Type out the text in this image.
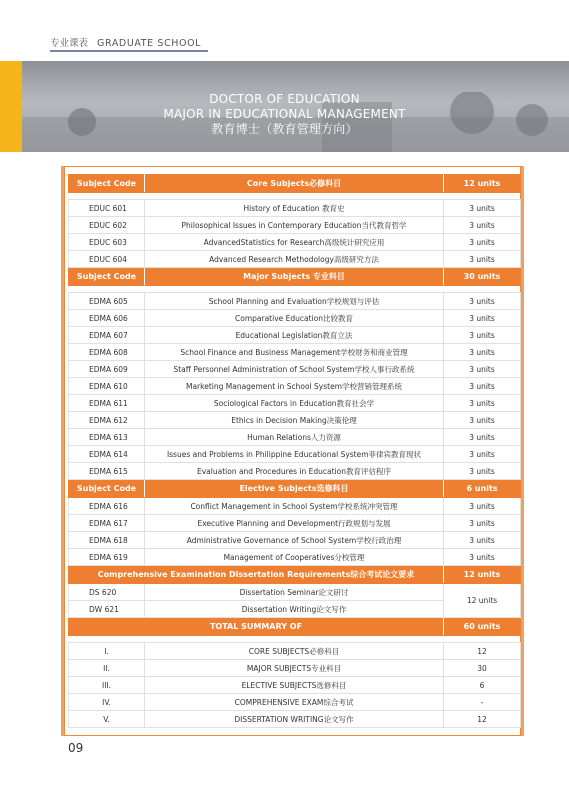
专业课表 GRADUATE SCHOOL
DOCTOR OF EDUCATION
MAJOR IN EDUCATIONAL MANAGEMENT
教育博士（教育管理方向）
Subject Code	Core Subjects必修科目	12 units

EDUC 601	History of Education 教育史	3 units
EDUC 602	Philosophical Issues in Contemporary Education当代教育哲学	3 units
EDUC 603	AdvancedStatistics for Research高级统计研究应用	3 units
EDUC 604	Advanced Research Methodology高级研究方法	3 units
Subject Code	Major Subjects 专业科目	30 units

EDMA 605	School Planning and Evaluation学校规划与评估	3 units
EDMA 606	Comparative Education比较教育	3 units
EDMA 607	Educational Legislation教育立法	3 units
EDMA 608	School Finance and Business Management学校财务和商业管理	3 units
EDMA 609	Staff Personnel Administration of School System学校人事行政系统	3 units
EDMA 610	Marketing Management in School System学校营销管理系统	3 units
EDMA 611	Sociological Factors in Education教育社会学	3 units
EDMA 612	Ethics in Decision Making决策伦理	3 units
EDMA 613	Human Relations人力资源	3 units
EDMA 614	Issues and Problems in Philippine Educational System菲律宾教育现状	3 units
EDMA 615	Evaluation and Procedures in Education教育评估程序	3 units
Subject Code	Elective Subjects选修科目	6 units
EDMA 616	Conflict Management in School System学校系统冲突管理	3 units
EDMA 617	Executive Planning and Development行政规划与发展	3 units
EDMA 618	Administrative Governance of School System学校行政治理	3 units
EDMA 619	Management of Cooperatives分校管理	3 units
Comprehensive Examination Dissertation Requirements综合考试论文要求		12 units
DS 620	Dissertation Seminar论文研讨	12 units
DW 621	Dissertation Writing论文写作	
TOTAL SUMMARY OF		60 units

I.	CORE SUBJECTS必修科目	12
II.	MAJOR SUBJECTS专业科目	30
III.	ELECTIVE SUBJECTS选修科目	6
IV.	COMPREHENSIVE EXAM综合考试	-
V.	DISSERTATION WRITING论文写作	12
09
